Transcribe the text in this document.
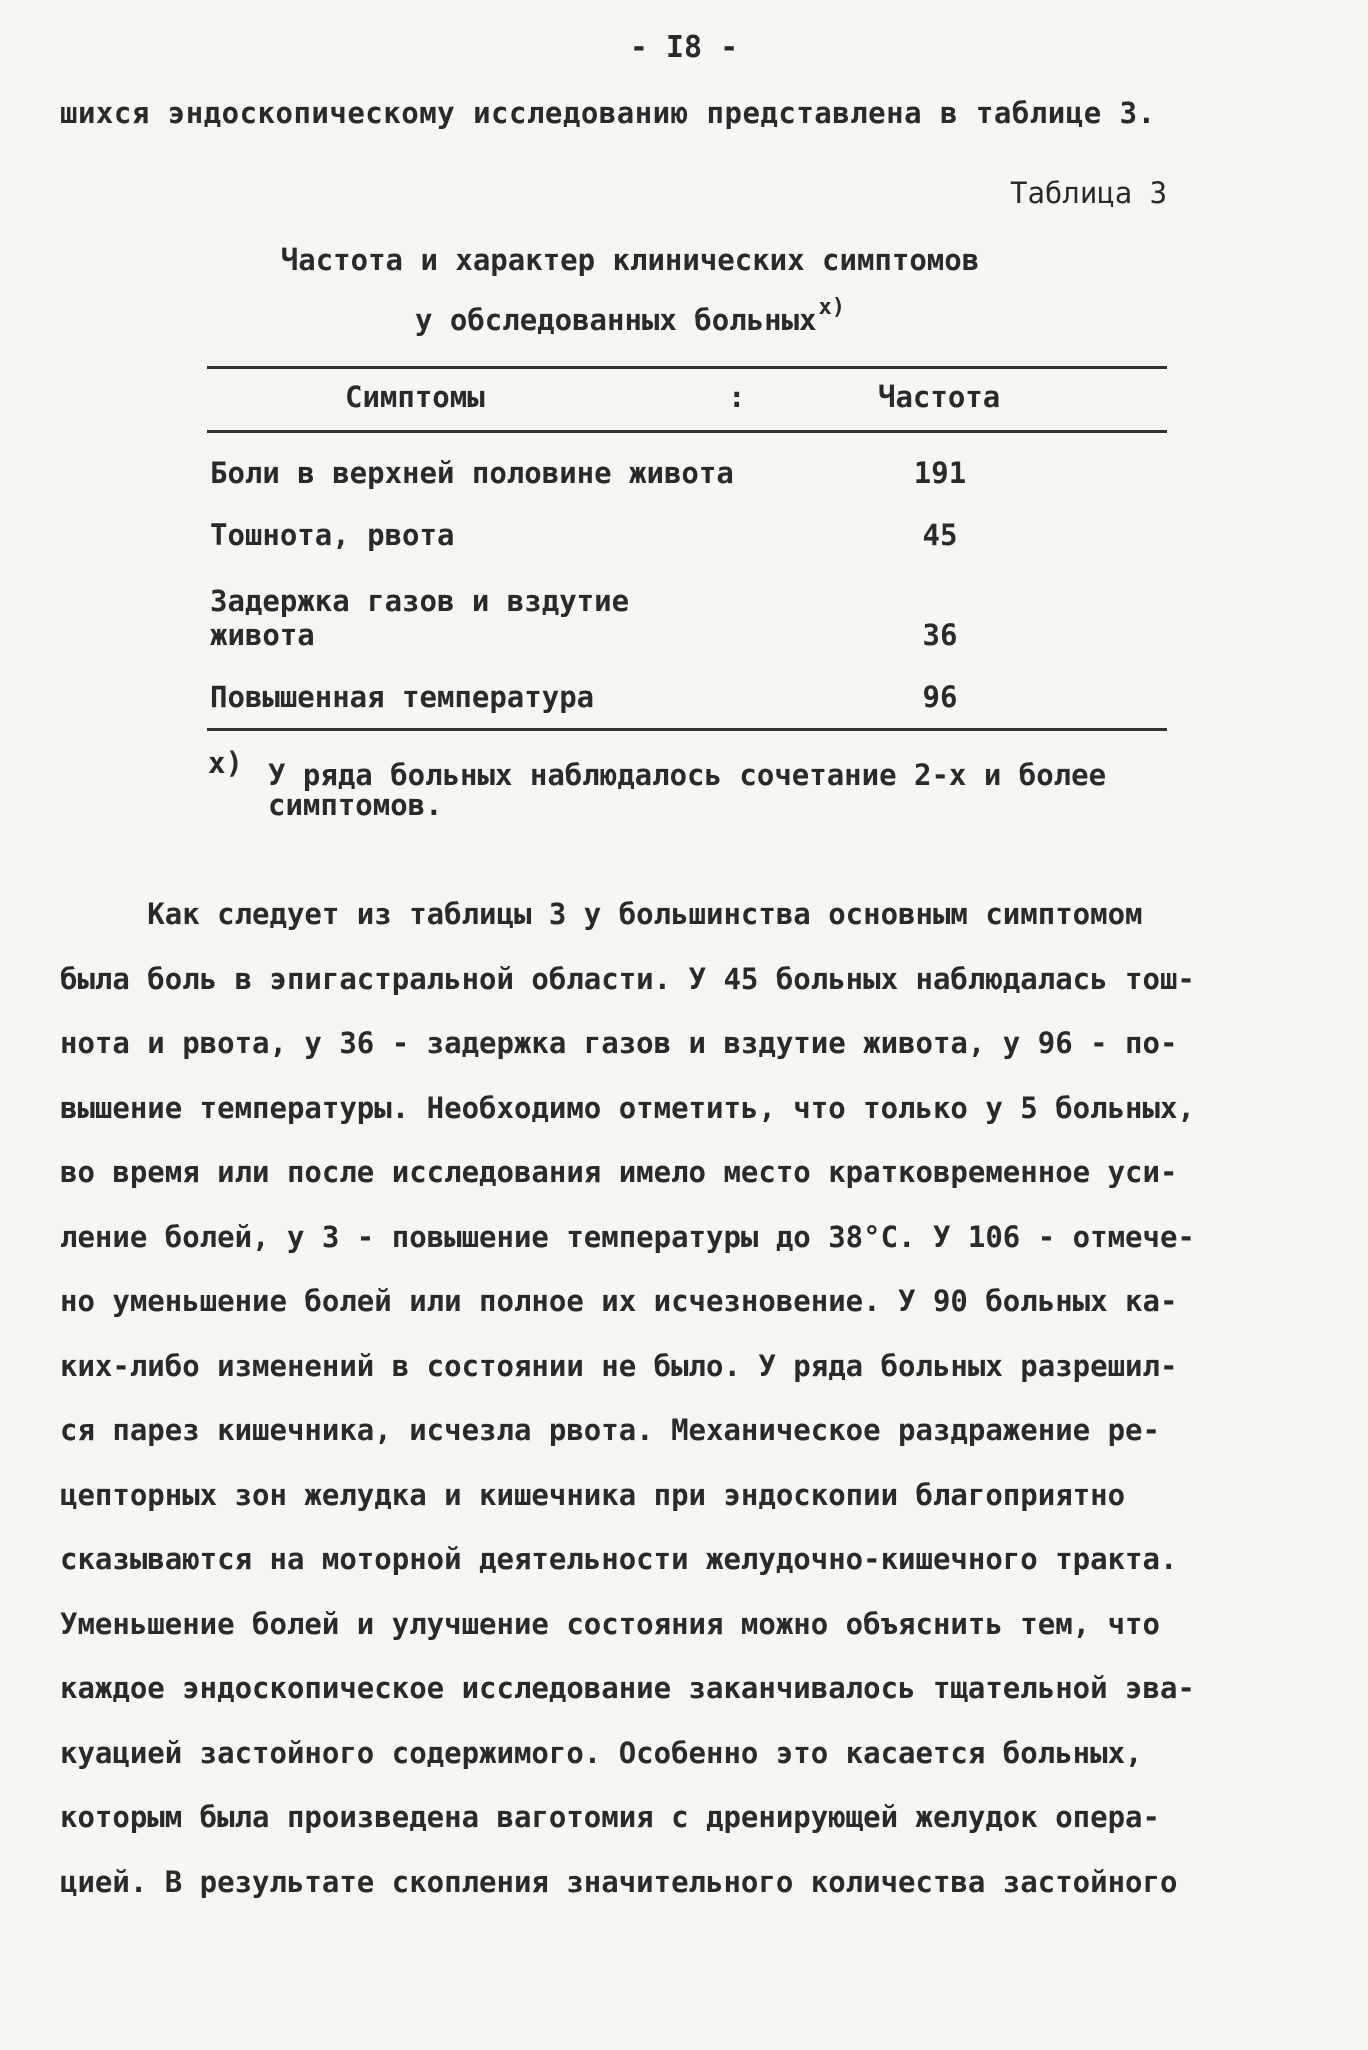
- I8 -
шихся эндоскопическому исследованию представлена в таблице 3.
Таблица 3
Частота и характер клинических симптомов
у обследованных больных$^{x)}$
Симптомы	:	Частота
Боли в верхней половине живота	191
Тошнота, рвота	45
Задержка газов и вздутие живота	36
Повышенная температура	96
x) У ряда больных наблюдалось сочетание 2-х и более симптомов.
Как следует из таблицы 3 у большинства основным симптомом
была боль в эпигастральной области. У 45 больных наблюдалась тош-
нота и рвота, у 36 - задержка газов и вздутие живота, у 96 - по-
вышение температуры. Необходимо отметить, что только у 5 больных,
во время или после исследования имело место кратковременное уси-
ление болей, у 3 - повышение температуры до 38°С. У 106 - отмече-
но уменьшение болей или полное их исчезновение. У 90 больных ка-
ких-либо изменений в состоянии не было. У ряда больных разрешил-
ся парез кишечника, исчезла рвота. Механическое раздражение ре-
цепторных зон желудка и кишечника при эндоскопии благоприятно
сказываются на моторной деятельности желудочно-кишечного тракта.
Уменьшение болей и улучшение состояния можно объяснить тем, что
каждое эндоскопическое исследование заканчивалось тщательной эва-
куацией застойного содержимого. Особенно это касается больных,
которым была произведена ваготомия с дренирующей желудок опера-
цией. В результате скопления значительного количества застойного
